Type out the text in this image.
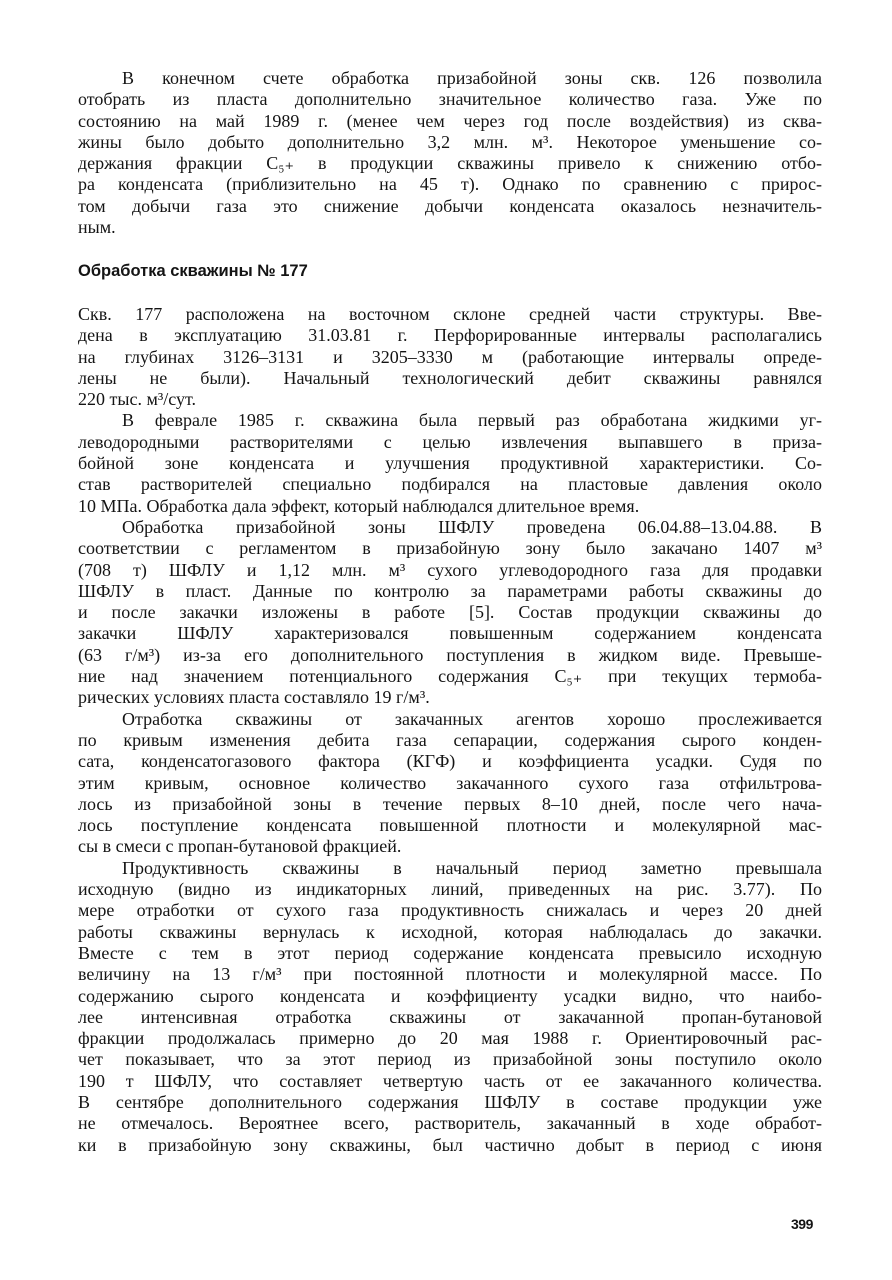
В конечном счете обработка призабойной зоны скв. 126 позволила
отобрать из пласта дополнительно значительное количество газа. Уже по
состоянию на май 1989 г. (менее чем через год после воздействия) из сква-
жины было добыто дополнительно 3,2 млн. м³. Некоторое уменьшение со-
держания фракции C₅₊ в продукции скважины привело к снижению отбо-
ра конденсата (приблизительно на 45 т). Однако по сравнению с прирос-
том добычи газа это снижение добычи конденсата оказалось незначитель-
ным.
Обработка скважины № 177
Скв. 177 расположена на восточном склоне средней части структуры. Вве-
дена в эксплуатацию 31.03.81 г. Перфорированные интервалы располагались
на глубинах 3126–3131 и 3205–3330 м (работающие интервалы опреде-
лены не были). Начальный технологический дебит скважины равнялся
220 тыс. м³/сут.
В феврале 1985 г. скважина была первый раз обработана жидкими уг-
леводородными растворителями с целью извлечения выпавшего в приза-
бойной зоне конденсата и улучшения продуктивной характеристики. Со-
став растворителей специально подбирался на пластовые давления около
10 МПа. Обработка дала эффект, который наблюдался длительное время.
Обработка призабойной зоны ШФЛУ проведена 06.04.88–13.04.88. В
соответствии с регламентом в призабойную зону было закачано 1407 м³
(708 т) ШФЛУ и 1,12 млн. м³ сухого углеводородного газа для продавки
ШФЛУ в пласт. Данные по контролю за параметрами работы скважины до
и после закачки изложены в работе [5]. Состав продукции скважины до
закачки ШФЛУ характеризовался повышенным содержанием конденсата
(63 г/м³) из-за его дополнительного поступления в жидком виде. Превыше-
ние над значением потенциального содержания C₅₊ при текущих термоба-
рических условиях пласта составляло 19 г/м³.
Отработка скважины от закачанных агентов хорошо прослеживается
по кривым изменения дебита газа сепарации, содержания сырого конден-
сата, конденсатогазового фактора (КГФ) и коэффициента усадки. Судя по
этим кривым, основное количество закачанного сухого газа отфильтрова-
лось из призабойной зоны в течение первых 8–10 дней, после чего нача-
лось поступление конденсата повышенной плотности и молекулярной мас-
сы в смеси с пропан-бутановой фракцией.
Продуктивность скважины в начальный период заметно превышала
исходную (видно из индикаторных линий, приведенных на рис. 3.77). По
мере отработки от сухого газа продуктивность снижалась и через 20 дней
работы скважины вернулась к исходной, которая наблюдалась до закачки.
Вместе с тем в этот период содержание конденсата превысило исходную
величину на 13 г/м³ при постоянной плотности и молекулярной массе. По
содержанию сырого конденсата и коэффициенту усадки видно, что наибо-
лее интенсивная отработка скважины от закачанной пропан-бутановой
фракции продолжалась примерно до 20 мая 1988 г. Ориентировочный рас-
чет показывает, что за этот период из призабойной зоны поступило около
190 т ШФЛУ, что составляет четвертую часть от ее закачанного количества.
В сентябре дополнительного содержания ШФЛУ в составе продукции уже
не отмечалось. Вероятнее всего, растворитель, закачанный в ходе обработ-
ки в призабойную зону скважины, был частично добыт в период с июня
399
